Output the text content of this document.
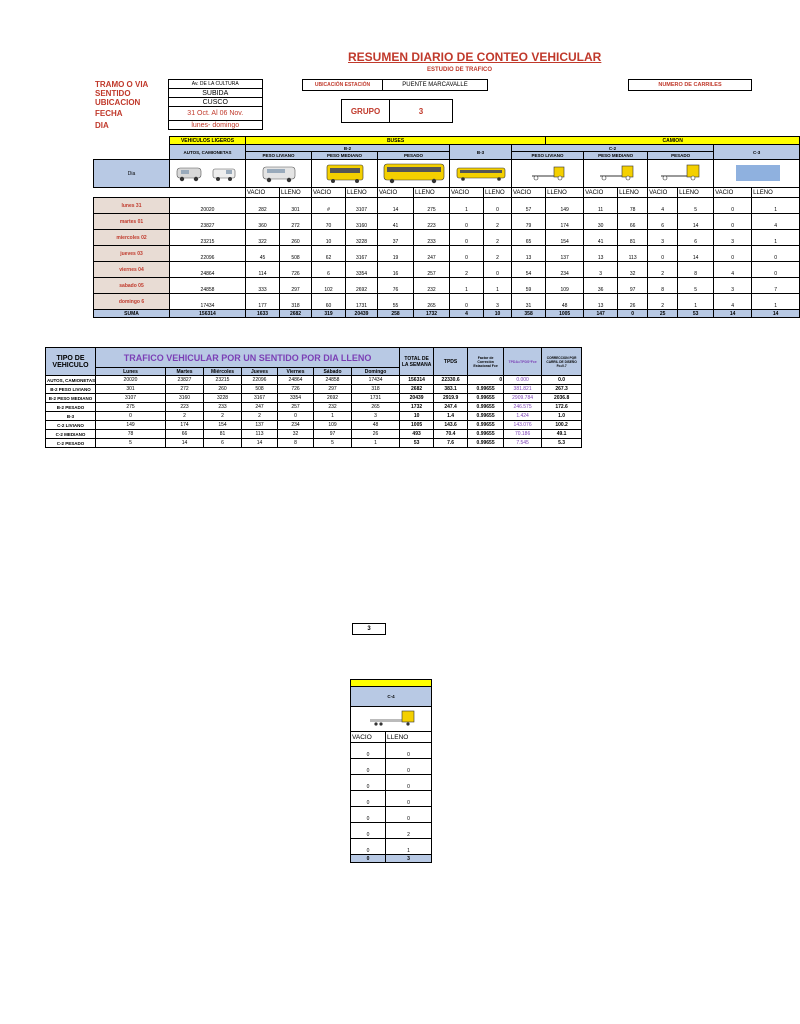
RESUMEN DIARIO DE CONTEO VEHICULAR
ESTUDIO DE TRAFICO
TRAMO O VIA	Av. DE LA CULTURA
SENTIDO	SUBIDA
UBICACION	CUSCO
FECHA	31 Oct. Al 06 Nov.
DIA	lunes- domingo
UBICACIÓN ESTACIÓN	PUENTE MARCAVALLE
GRUPO	3
NUMERO DE CARRILES
	VEHICULOS LIGEROS	BUSES									CAMION						
	AUTOS, CAMIONETAS	B-2						B-3		C-2						C-3	
		PESO LIVIANO		PESO MEDIANO		PESADO				PESO LIVIANO		PESO MEDIANO		PESADO			
Dia									
		VACIO	LLENO	VACIO	LLENO	VACIO	LLENO	VACIO	LLENO	VACIO	LLENO	VACIO	LLENO	VACIO	LLENO	VACIO	LLENO
lunes 31	20020	282	301	#	3107	14	275	1	0	57	149	11	78	4	5	0	1
martes 01	23827	360	272	70	3160	41	223	0	2	79	174	30	66	6	14	0	4
miercoles 02	23215	322	260	10	3228	37	233	0	2	65	154	41	81	3	6	3	1
jueves 03	22096	45	508	62	3167	19	247	0	2	13	137	13	113	0	14	0	0
viernes 04	24864	114	726	6	3354	16	257	2	0	54	234	3	32	2	8	4	0
sabado 05	24858	333	297	102	2692	76	232	1	1	59	109	36	97	8	5	3	7
domingo 6	17434	177	318	60	1731	55	265	0	3	31	48	13	26	2	1	4	1
SUMA	156314	1633	2682	319	20439	258	1732	4	10	358	1005	147	0	25	53	14	14
TIPO DE VEHICULO	TRAFICO VEHICULAR POR UN SENTIDO POR DIA LLENO							TOTAL DE LA SEMANA	TPDS	Factor de Correción Estacional Fce	TPDA=TPDS*Fce	CORRECCION POR CARRIL DE DISEÑO Fc=0.7
	Lunes	Martes	Miércoles	Jueves	Viernes	Sábado	Domingo					
AUTOS, CAMIONETAS	20020	23827	23215	22096	24864	24858	17434	156314	22330.6	0	0.000	0.0
B-2 PESO LIVIANO	301	272	260	508	726	297	318	2682	383.1	0.99655	381.821	267.3
B-2 PESO MEDIANO	3107	3160	3228	3167	3354	2692	1731	20439	2919.9	0.99655	2909.784	2036.8
B-2 PESADO	275	223	233	247	257	232	265	1732	247.4	0.99655	246.575	172.6
B-3	0	2	2	2	0	1	3	10	1.4	0.99655	1.424	1.0
C-2 LIVIANO	149	174	154	137	234	109	48	1005	143.6	0.99655	143.076	100.2
C-2 MEDIANO	78	66	81	113	32	97	26	493	70.4	0.99655	70.186	49.1
C-2 PESADO	5	14	6	14	8	5	1	53	7.6	0.99655	7.545	5.3
3

C-4	

VACIO	LLENO
0	0
0	0
0	0
0	0
0	0
0	2
0	1
0	3
